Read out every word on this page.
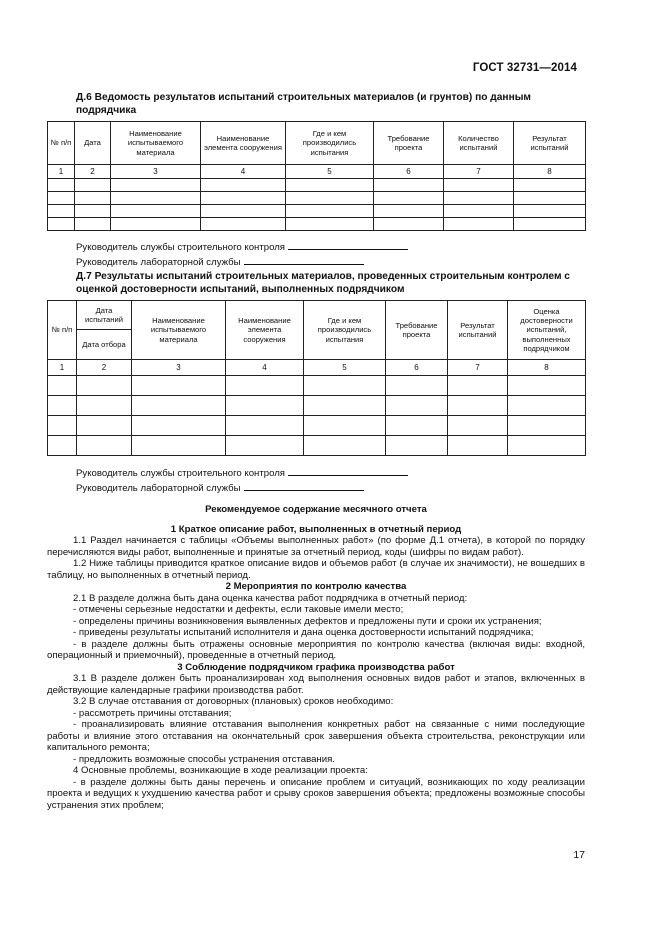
ГОСТ 32731—2014
Д.6 Ведомость результатов испытаний строительных материалов (и грунтов) по данным подрядчика
№ п/п	Дата	Наименование испытываемого материала	Наименование элемента сооружения	Где и кем производились испытания	Требование проекта	Количество испытаний	Результат испытаний
1	2	3	4	5	6	7	8

Руководитель службы строительного контроля
Руководитель лабораторной службы
Д.7 Результаты испытаний строительных материалов, проведенных строительным контролем с оценкой достоверности испытаний, выполненных подрядчиком
№ п/п	Дата испытаний	Наименование испытываемого материала	Наименование элемента сооружения	Где и кем производились испытания	Требование проекта	Результат испытаний	Оценка достоверности испытаний, выполненных подрядчиком
	Дата отбора						
1	2	3	4	5	6	7	8

Руководитель службы строительного контроля
Руководитель лабораторной службы

Рекомендуемое содержание месячного отчета

1 Краткое описание работ, выполненных в отчетный период

1.1 Раздел начинается с таблицы «Объемы выполненных работ» (по форме Д.1 отчета), в которой по порядку перечисляются виды работ, выполненные и принятые за отчетный период, коды (шифры по видам работ).

1.2 Ниже таблицы приводится краткое описание видов и объемов работ (в случае их значимости), не вошедших в таблицу, но выполненных в отчетный период.

2 Мероприятия по контролю качества

2.1 В разделе должна быть дана оценка качества работ подрядчика в отчетный период:

- отмечены серьезные недостатки и дефекты, если таковые имели место;

- определены причины возникновения выявленных дефектов и предложены пути и сроки их устранения;

- приведены результаты испытаний исполнителя и дана оценка достоверности испытаний подрядчика;

- в разделе должны быть отражены основные мероприятия по контролю качества (включая виды: входной, операционный и приемочный), проведенные в отчетный период.

3 Соблюдение подрядчиком графика производства работ

3.1 В разделе должен быть проанализирован ход выполнения основных видов работ и этапов, включенных в действующие календарные графики производства работ.

3.2 В случае отставания от договорных (плановых) сроков необходимо:

- рассмотреть причины отставания;

- проанализировать влияние отставания выполнения конкретных работ на связанные с ними последующие работы и влияние этого отставания на окончательный срок завершения объекта строительства, реконструкции или капитального ремонта;

- предложить возможные способы устранения отставания.

4 Основные проблемы, возникающие в ходе реализации проекта:

- в разделе должны быть даны перечень и описание проблем и ситуаций, возникающих по ходу реализации проекта и ведущих к ухудшению качества работ и срыву сроков завершения объекта; предложены возможные способы устранения этих проблем;

17
